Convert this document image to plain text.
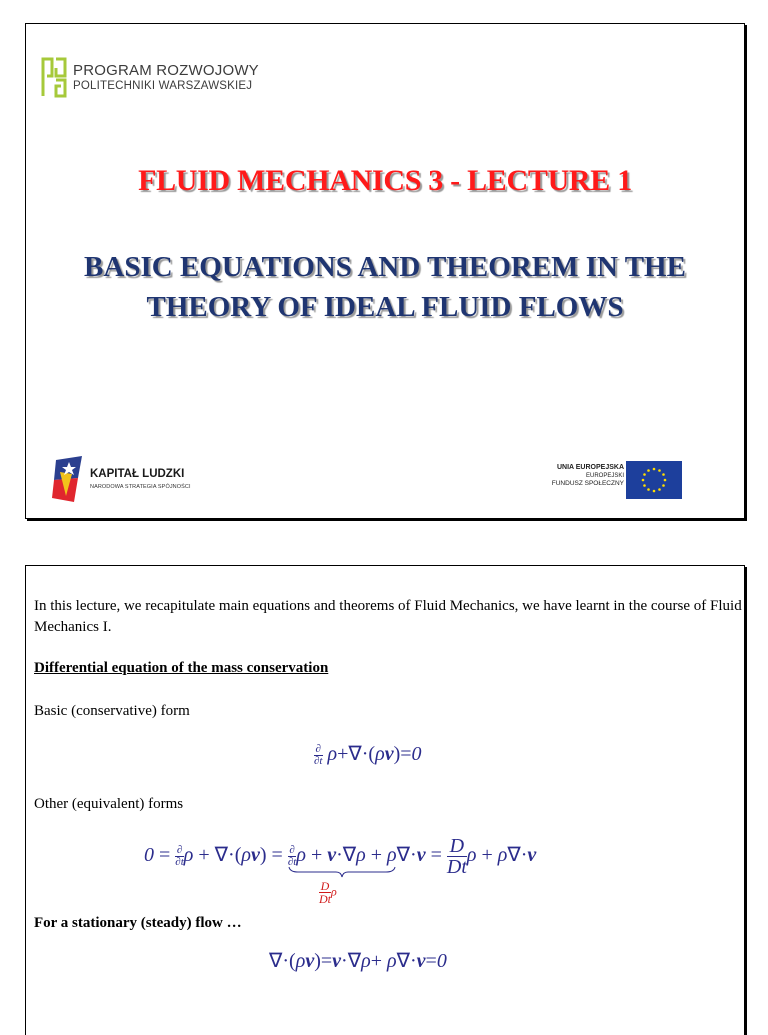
PROGRAM ROZWOJOWY
POLITECHNIKI WARSZAWSKIEJ
FLUID MECHANICS 3 - LECTURE 1
BASIC EQUATIONS AND THEOREM IN THE THEORY OF IDEAL FLUID FLOWS
KAPITAŁ LUDZKI
NARODOWA STRATEGIA SPÓJNOŚCI
UNIA EUROPEJSKA
EUROPEJSKI
FUNDUSZ SPOŁECZNY
In this lecture, we recapitulate main equations and theorems of Fluid Mechanics, we have learnt in the course of Fluid Mechanics I.
Differential equation of the mass conservation
Basic (conservative) form
$\frac{\partial}{\partial t} \rho+\nabla\cdot(\rho v)=0$
Other (equivalent) forms
$0 = \frac{\partial}{\partial t}$ $\rho + \nabla\cdot(\rho v) = \frac{\partial}{\partial t}$ ρ + v·∇ρ
$\frac{D}{Dt}$ ρ
+ $\rho\nabla\cdot v = \frac{D}{Dt}$ ρ + ρ∇·v
For a stationary (steady) flow …
∇·(ρv)=v·∇ρ+ ρ∇·v=0
